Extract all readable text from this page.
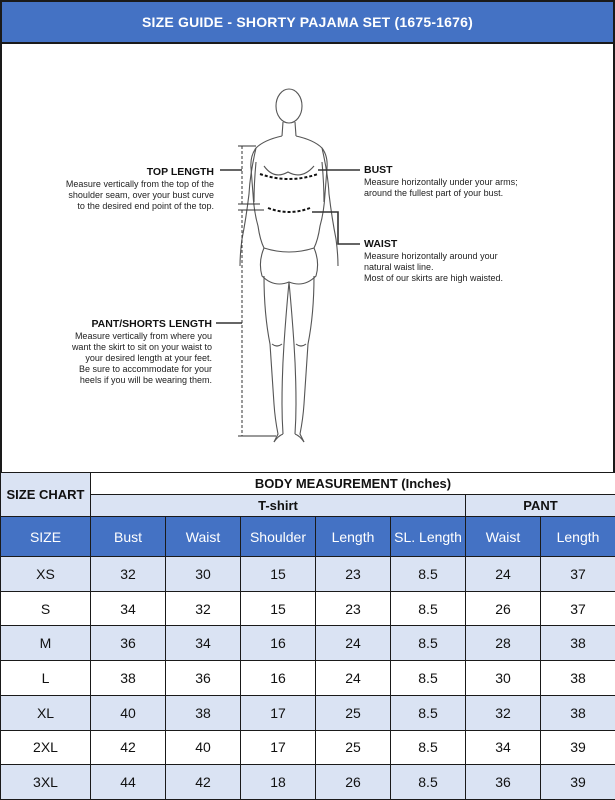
SIZE GUIDE - SHORTY PAJAMA SET (1675-1676)
TOP LENGTH
Measure vertically from the top of the
shoulder seam, over your bust curve
to the desired end point of the top.
PANT/SHORTS LENGTH
Measure vertically from where you
want the skirt to sit on your waist to
your desired length at your feet.
Be sure to accommodate for your
heels if you will be wearing them.
BUST
Measure horizontally under your arms;
around the fullest part of your bust.
WAIST
Measure horizontally around your
natural waist line.
Most of our skirts are high waisted.
SIZE CHART	BODY MEASUREMENT (Inches)						
	T-shirt					PANT	
SIZE	Bust	Waist	Shoulder	Length	SL. Length	Waist	Length
XS	32	30	15	23	8.5	24	37
S	34	32	15	23	8.5	26	37
M	36	34	16	24	8.5	28	38
L	38	36	16	24	8.5	30	38
XL	40	38	17	25	8.5	32	38
2XL	42	40	17	25	8.5	34	39
3XL	44	42	18	26	8.5	36	39
